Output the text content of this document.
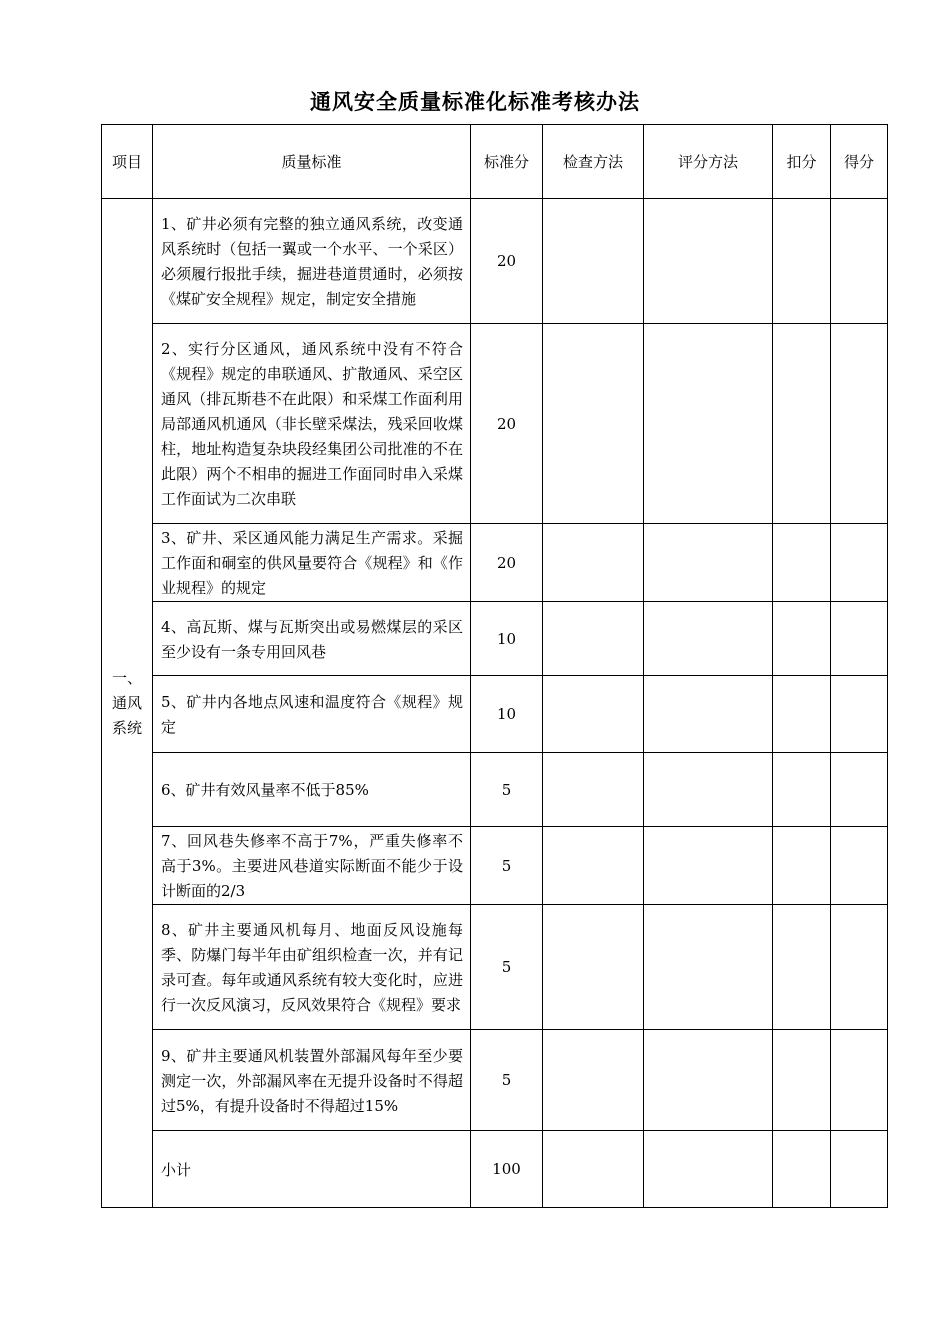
通风安全质量标准化标准考核办法
项目	质量标准	标准分	检查方法	评分方法	扣分	得分

一、
通风
系统	1、矿井必须有完整的独立通风系统，改变通风系统时（包括一翼或一个水平、一个采区）必须履行报批手续，掘进巷道贯通时，必须按《煤矿安全规程》规定，制定安全措施	20				
	2、实行分区通风，通风系统中没有不符合《规程》规定的串联通风、扩散通风、采空区通风（排瓦斯巷不在此限）和采煤工作面利用局部通风机通风（非长壁采煤法，残采回收煤柱，地址构造复杂块段经集团公司批准的不在此限）两个不相串的掘进工作面同时串入采煤工作面试为二次串联	20				
	3、矿井、采区通风能力满足生产需求。采掘工作面和硐室的供风量要符合《规程》和《作业规程》的规定	20				
	4、高瓦斯、煤与瓦斯突出或易燃煤层的采区至少设有一条专用回风巷	10				
	5、矿井内各地点风速和温度符合《规程》规定	10				
	6、矿井有效风量率不低于85%	5				
	7、回风巷失修率不高于7%，严重失修率不高于3%。主要进风巷道实际断面不能少于设计断面的2/3	5				
	8、矿井主要通风机每月、地面反风设施每季、防爆门每半年由矿组织检查一次，并有记录可查。每年或通风系统有较大变化时，应进行一次反风演习，反风效果符合《规程》要求	5				
	9、矿井主要通风机装置外部漏风每年至少要测定一次，外部漏风率在无提升设备时不得超过5%，有提升设备时不得超过15%	5				
	小计	100				
